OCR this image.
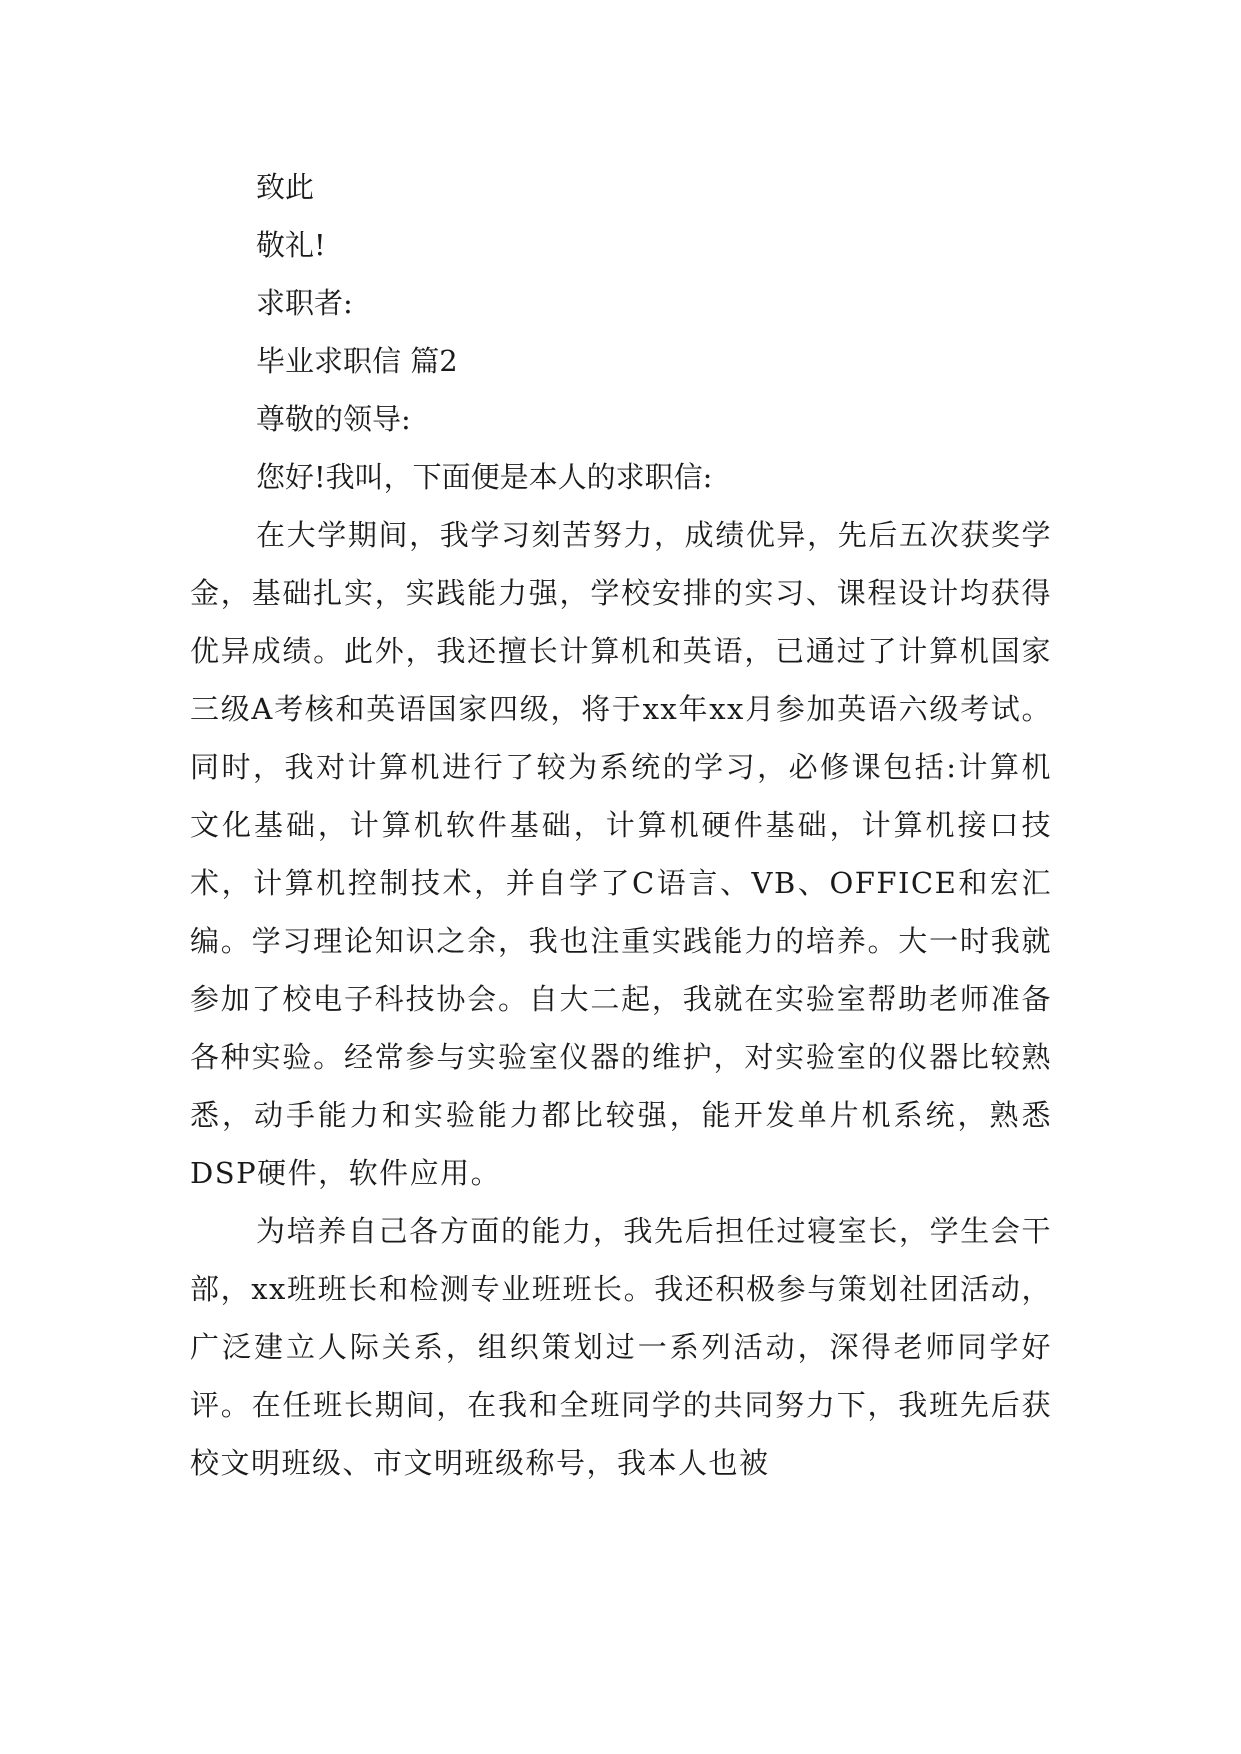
致此

敬礼!

求职者:

毕业求职信 篇2

尊敬的领导:

您好!我叫，下面便是本人的求职信:

在大学期间，我学习刻苦努力，成绩优异，先后五次获奖学金，基础扎实，实践能力强，学校安排的实习、课程设计均获得优异成绩。此外，我还擅长计算机和英语，已通过了计算机国家三级A考核和英语国家四级，将于xx年xx月参加英语六级考试。同时，我对计算机进行了较为系统的学习，必修课包括:计算机文化基础，计算机软件基础，计算机硬件基础，计算机接口技术，计算机控制技术，并自学了C语言、VB、OFFICE和宏汇编。学习理论知识之余，我也注重实践能力的培养。大一时我就参加了校电子科技协会。自大二起，我就在实验室帮助老师准备各种实验。经常参与实验室仪器的维护，对实验室的仪器比较熟悉，动手能力和实验能力都比较强，能开发单片机系统，熟悉DSP硬件，软件应用。

为培养自己各方面的能力，我先后担任过寝室长，学生会干部，xx班班长和检测专业班班长。我还积极参与策划社团活动，广泛建立人际关系，组织策划过一系列活动，深得老师同学好评。在任班长期间，在我和全班同学的共同努力下，我班先后获校文明班级、市文明班级称号，我本人也被
